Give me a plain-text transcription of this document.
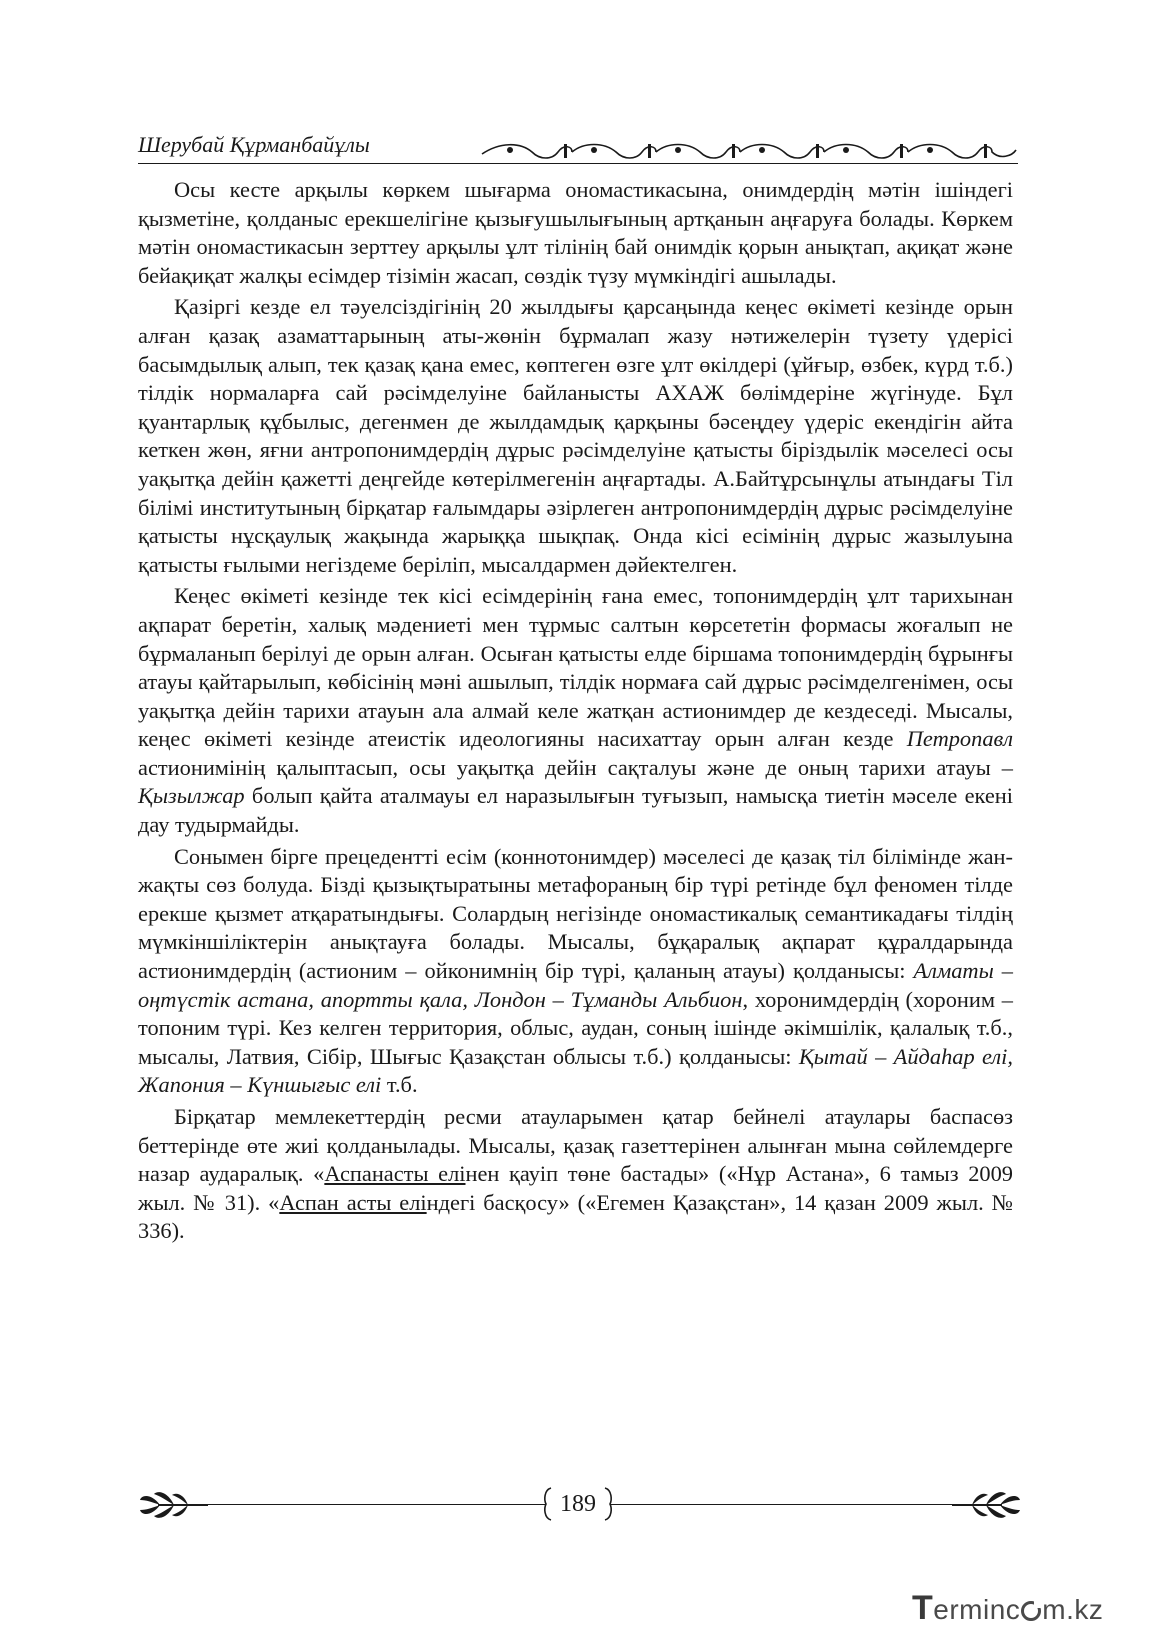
Шерубай Құрманбайұлы

Осы кесте арқылы көркем шығарма ономастикасына, онимдердің мәтін ішіндегі қызметіне, қолданыс ерекшелігіне қызығушылығының артқанын аңғаруға болады. Көркем мәтін ономастикасын зерттеу арқылы ұлт тілінің бай онимдік қорын анықтап, ақиқат және бейақиқат жалқы есімдер тізімін жасап, сөздік түзу мүмкіндігі ашылады.

Қазіргі кезде ел тәуелсіздігінің 20 жылдығы қарсаңында кеңес өкіметі кезінде орын алған қазақ азаматтарының аты-жөнін бұрмалап жазу нәтижелерін түзету үдерісі басымдылық алып, тек қазақ қана емес, көптеген өзге ұлт өкілдері (ұйғыр, өзбек, күрд т.б.) тілдік нормаларға сай рәсімделуіне байланысты АХАЖ бөлімдеріне жүгінуде. Бұл қуантарлық құбылыс, дегенмен де жылдамдық қарқыны бәсеңдеу үдеріс екендігін айта кеткен жөн, яғни антропонимдердің дұрыс рәсімделуіне қатысты біріздылік мәселесі осы уақытқа дейін қажетті деңгейде көтерілмегенін аңғартады. А.Байтұрсынұлы атындағы Тіл білімі институтының бірқатар ғалымдары әзірлеген антропонимдердің дұрыс рәсімделуіне қатысты нұсқаулық жақында жарыққа шықпақ. Онда кісі есімінің дұрыс жазылуына қатысты ғылыми негіздеме беріліп, мысалдармен дәйектелген.

Кеңес өкіметі кезінде тек кісі есімдерінің ғана емес, топонимдердің ұлт тарихынан ақпарат беретін, халық мәдениеті мен тұрмыс салтын көрсететін формасы жоғалып не бұрмаланып берілуі де орын алған. Осыған қатысты елде біршама топонимдердің бұрынғы атауы қайтарылып, көбісінің мәні ашылып, тілдік нормаға сай дұрыс рәсімделгенімен, осы уақытқа дейін тарихи атауын ала алмай келе жатқан астионимдер де кездеседі. Мысалы, кеңес өкіметі кезінде атеистік идеологияны насихаттау орын алған кезде Петропавл астионимінің қалыптасып, осы уақытқа дейін сақталуы және де оның тарихи атауы – Қызылжар болып қайта аталмауы ел наразылығын туғызып, намысқа тиетін мәселе екені дау тудырмайды.

Сонымен бірге прецедентті есім (коннотонимдер) мәселесі де қазақ тіл білімінде жан-жақты сөз болуда. Бізді қызықтыратыны метафораның бір түрі ретінде бұл феномен тілде ерекше қызмет атқаратындығы. Солардың негізінде ономастикалық семантикадағы тілдің мүмкіншіліктерін анықтауға болады. Мысалы, бұқаралық ақпарат құралдарында астионимдердің (астионим – ойконимнің бір түрі, қаланың атауы) қолданысы: Алматы – оңтүстік астана, апортты қала, Лондон – Тұманды Альбион, хоронимдердің (хороним – топоним түрі. Кез келген территория, облыс, аудан, соның ішінде әкімшілік, қалалық т.б., мысалы, Латвия, Сібір, Шығыс Қазақстан облысы т.б.) қолданысы: Қытай – Айдаһар елі, Жапония – Күншығыс елі т.б.

Бірқатар мемлекеттердің ресми атауларымен қатар бейнелі атаулары баспасөз беттерінде өте жиі қолданылады. Мысалы, қазақ газеттерінен алынған мына сөйлемдерге назар аударалық. «Аспанасты елінен қауіп төне бастады» («Нұр Астана», 6 тамыз 2009 жыл. № 31). «Аспан асты еліндегі басқосу» («Егемен Қазақстан», 14 қазан 2009 жыл. № 336).

189
Terminc m.kz
